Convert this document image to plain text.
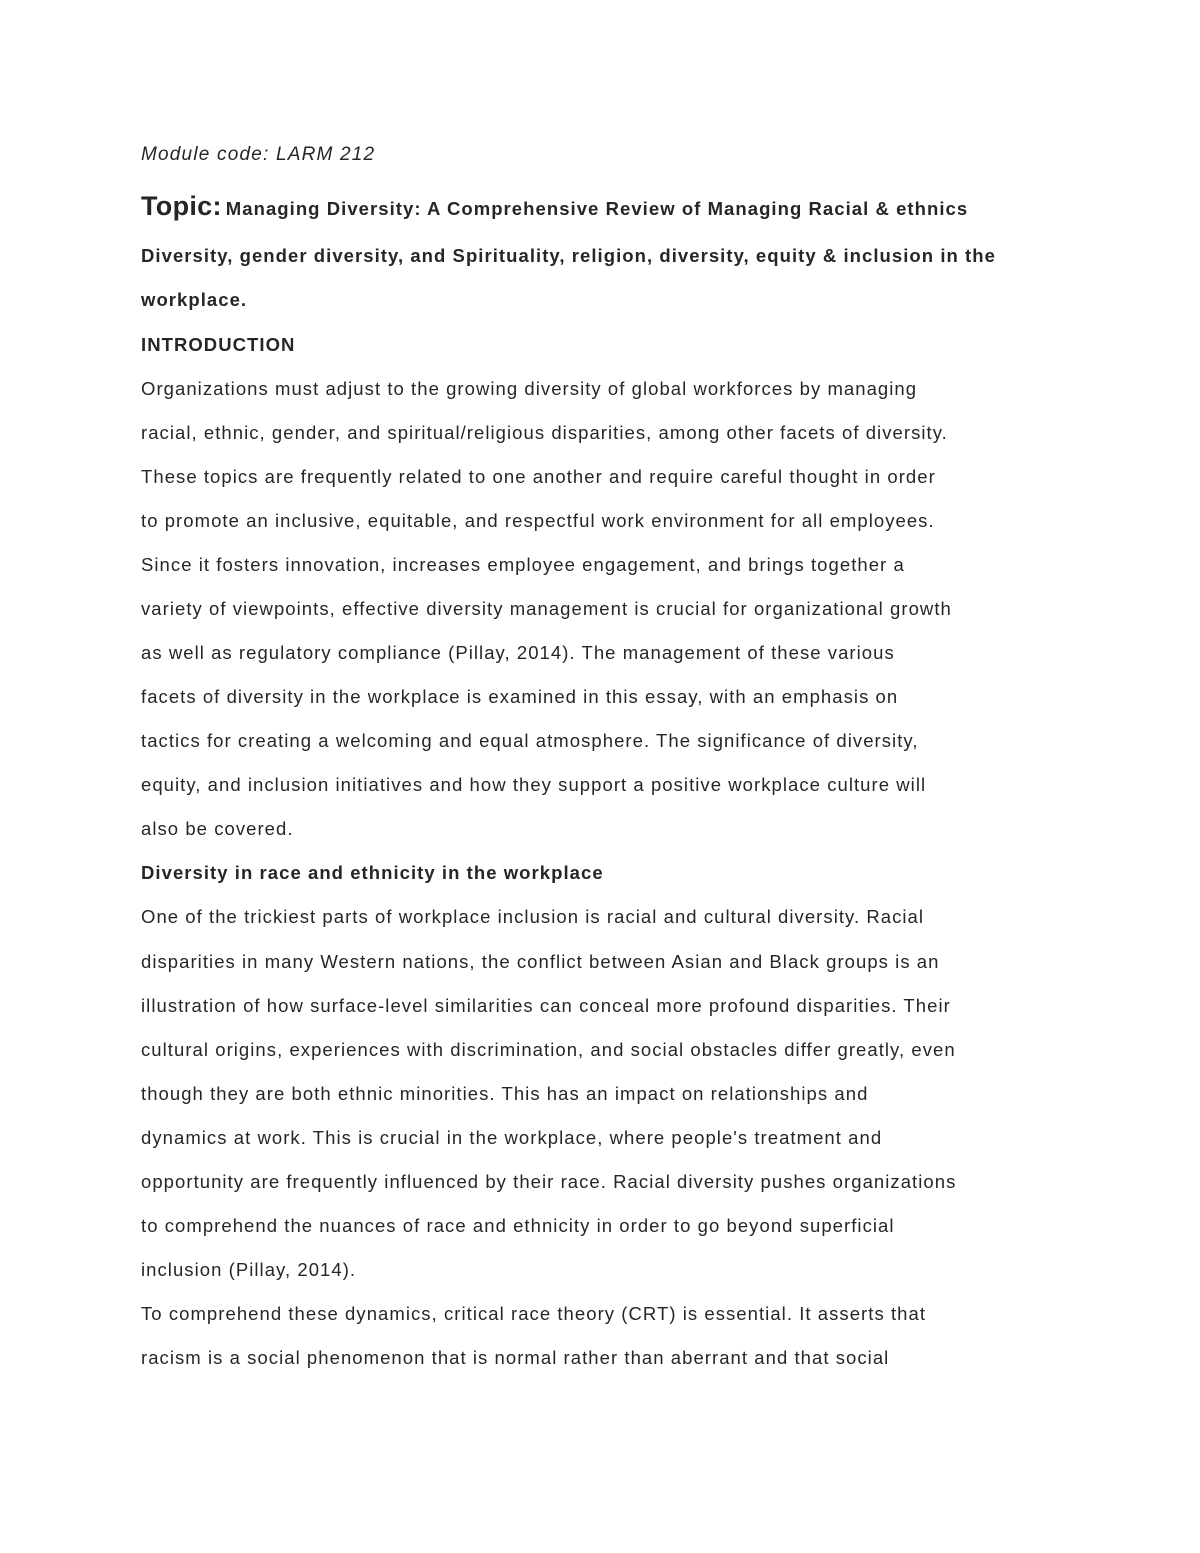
Module code: LARM 212
Topic: Managing Diversity: A Comprehensive Review of Managing Racial & ethnics
Diversity, gender diversity, and Spirituality, religion, diversity, equity & inclusion in the
workplace.
INTRODUCTION
Organizations must adjust to the growing diversity of global workforces by managing
racial, ethnic, gender, and spiritual/religious disparities, among other facets of diversity.
These topics are frequently related to one another and require careful thought in order
to promote an inclusive, equitable, and respectful work environment for all employees.
Since it fosters innovation, increases employee engagement, and brings together a
variety of viewpoints, effective diversity management is crucial for organizational growth
as well as regulatory compliance (Pillay, 2014). The management of these various
facets of diversity in the workplace is examined in this essay, with an emphasis on
tactics for creating a welcoming and equal atmosphere. The significance of diversity,
equity, and inclusion initiatives and how they support a positive workplace culture will
also be covered.
Diversity in race and ethnicity in the workplace
One of the trickiest parts of workplace inclusion is racial and cultural diversity. Racial
disparities in many Western nations, the conflict between Asian and Black groups is an
illustration of how surface-level similarities can conceal more profound disparities. Their
cultural origins, experiences with discrimination, and social obstacles differ greatly, even
though they are both ethnic minorities. This has an impact on relationships and
dynamics at work. This is crucial in the workplace, where people's treatment and
opportunity are frequently influenced by their race. Racial diversity pushes organizations
to comprehend the nuances of race and ethnicity in order to go beyond superficial
inclusion (Pillay, 2014).
To comprehend these dynamics, critical race theory (CRT) is essential. It asserts that
racism is a social phenomenon that is normal rather than aberrant and that social
